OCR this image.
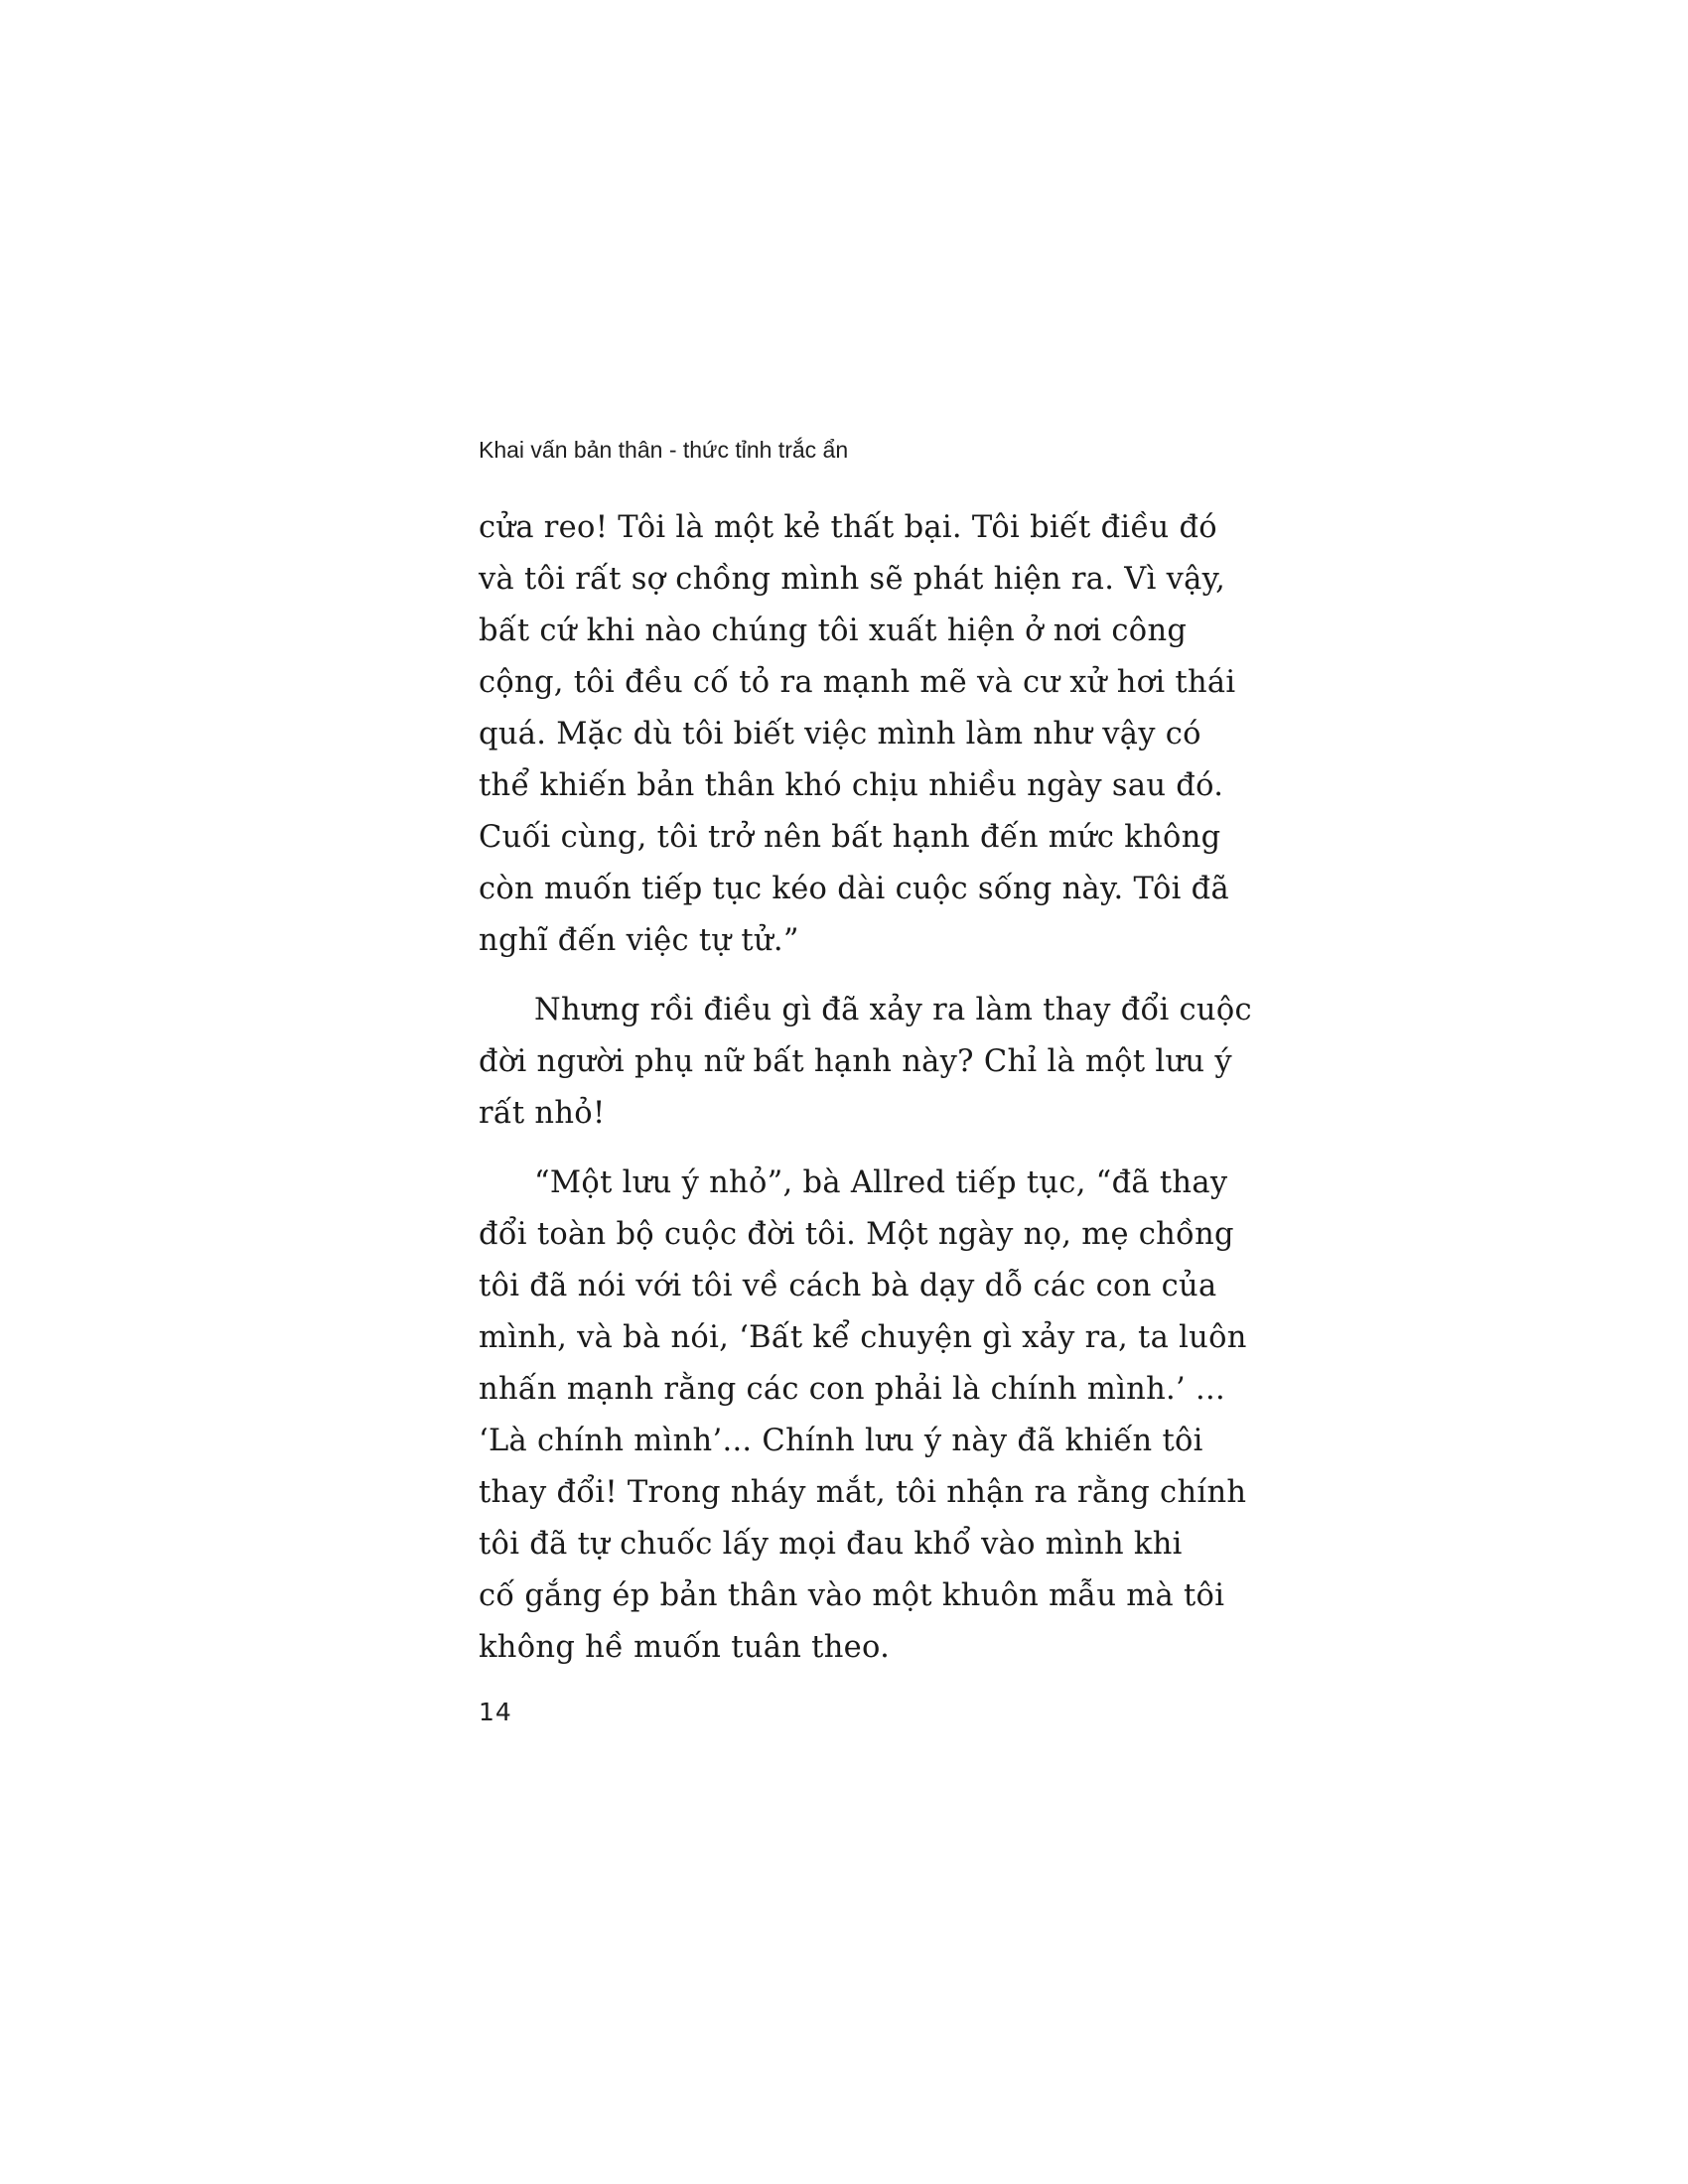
Khai vấn bản thân - thức tỉnh trắc ẩn
cửa reo! Tôi là một kẻ thất bại. Tôi biết điều đó
và tôi rất sợ chồng mình sẽ phát hiện ra. Vì vậy,
bất cứ khi nào chúng tôi xuất hiện ở nơi công
cộng, tôi đều cố tỏ ra mạnh mẽ và cư xử hơi thái
quá. Mặc dù tôi biết việc mình làm như vậy có
thể khiến bản thân khó chịu nhiều ngày sau đó.
Cuối cùng, tôi trở nên bất hạnh đến mức không
còn muốn tiếp tục kéo dài cuộc sống này. Tôi đã
nghĩ đến việc tự tử.”
Nhưng rồi điều gì đã xảy ra làm thay đổi cuộc
đời người phụ nữ bất hạnh này? Chỉ là một lưu ý
rất nhỏ!
“Một lưu ý nhỏ”, bà Allred tiếp tục, “đã thay
đổi toàn bộ cuộc đời tôi. Một ngày nọ, mẹ chồng
tôi đã nói với tôi về cách bà dạy dỗ các con của
mình, và bà nói, ‘Bất kể chuyện gì xảy ra, ta luôn
nhấn mạnh rằng các con phải là chính mình.’ ...
‘Là chính mình’... Chính lưu ý này đã khiến tôi
thay đổi! Trong nháy mắt, tôi nhận ra rằng chính
tôi đã tự chuốc lấy mọi đau khổ vào mình khi
cố gắng ép bản thân vào một khuôn mẫu mà tôi
không hề muốn tuân theo.
14
